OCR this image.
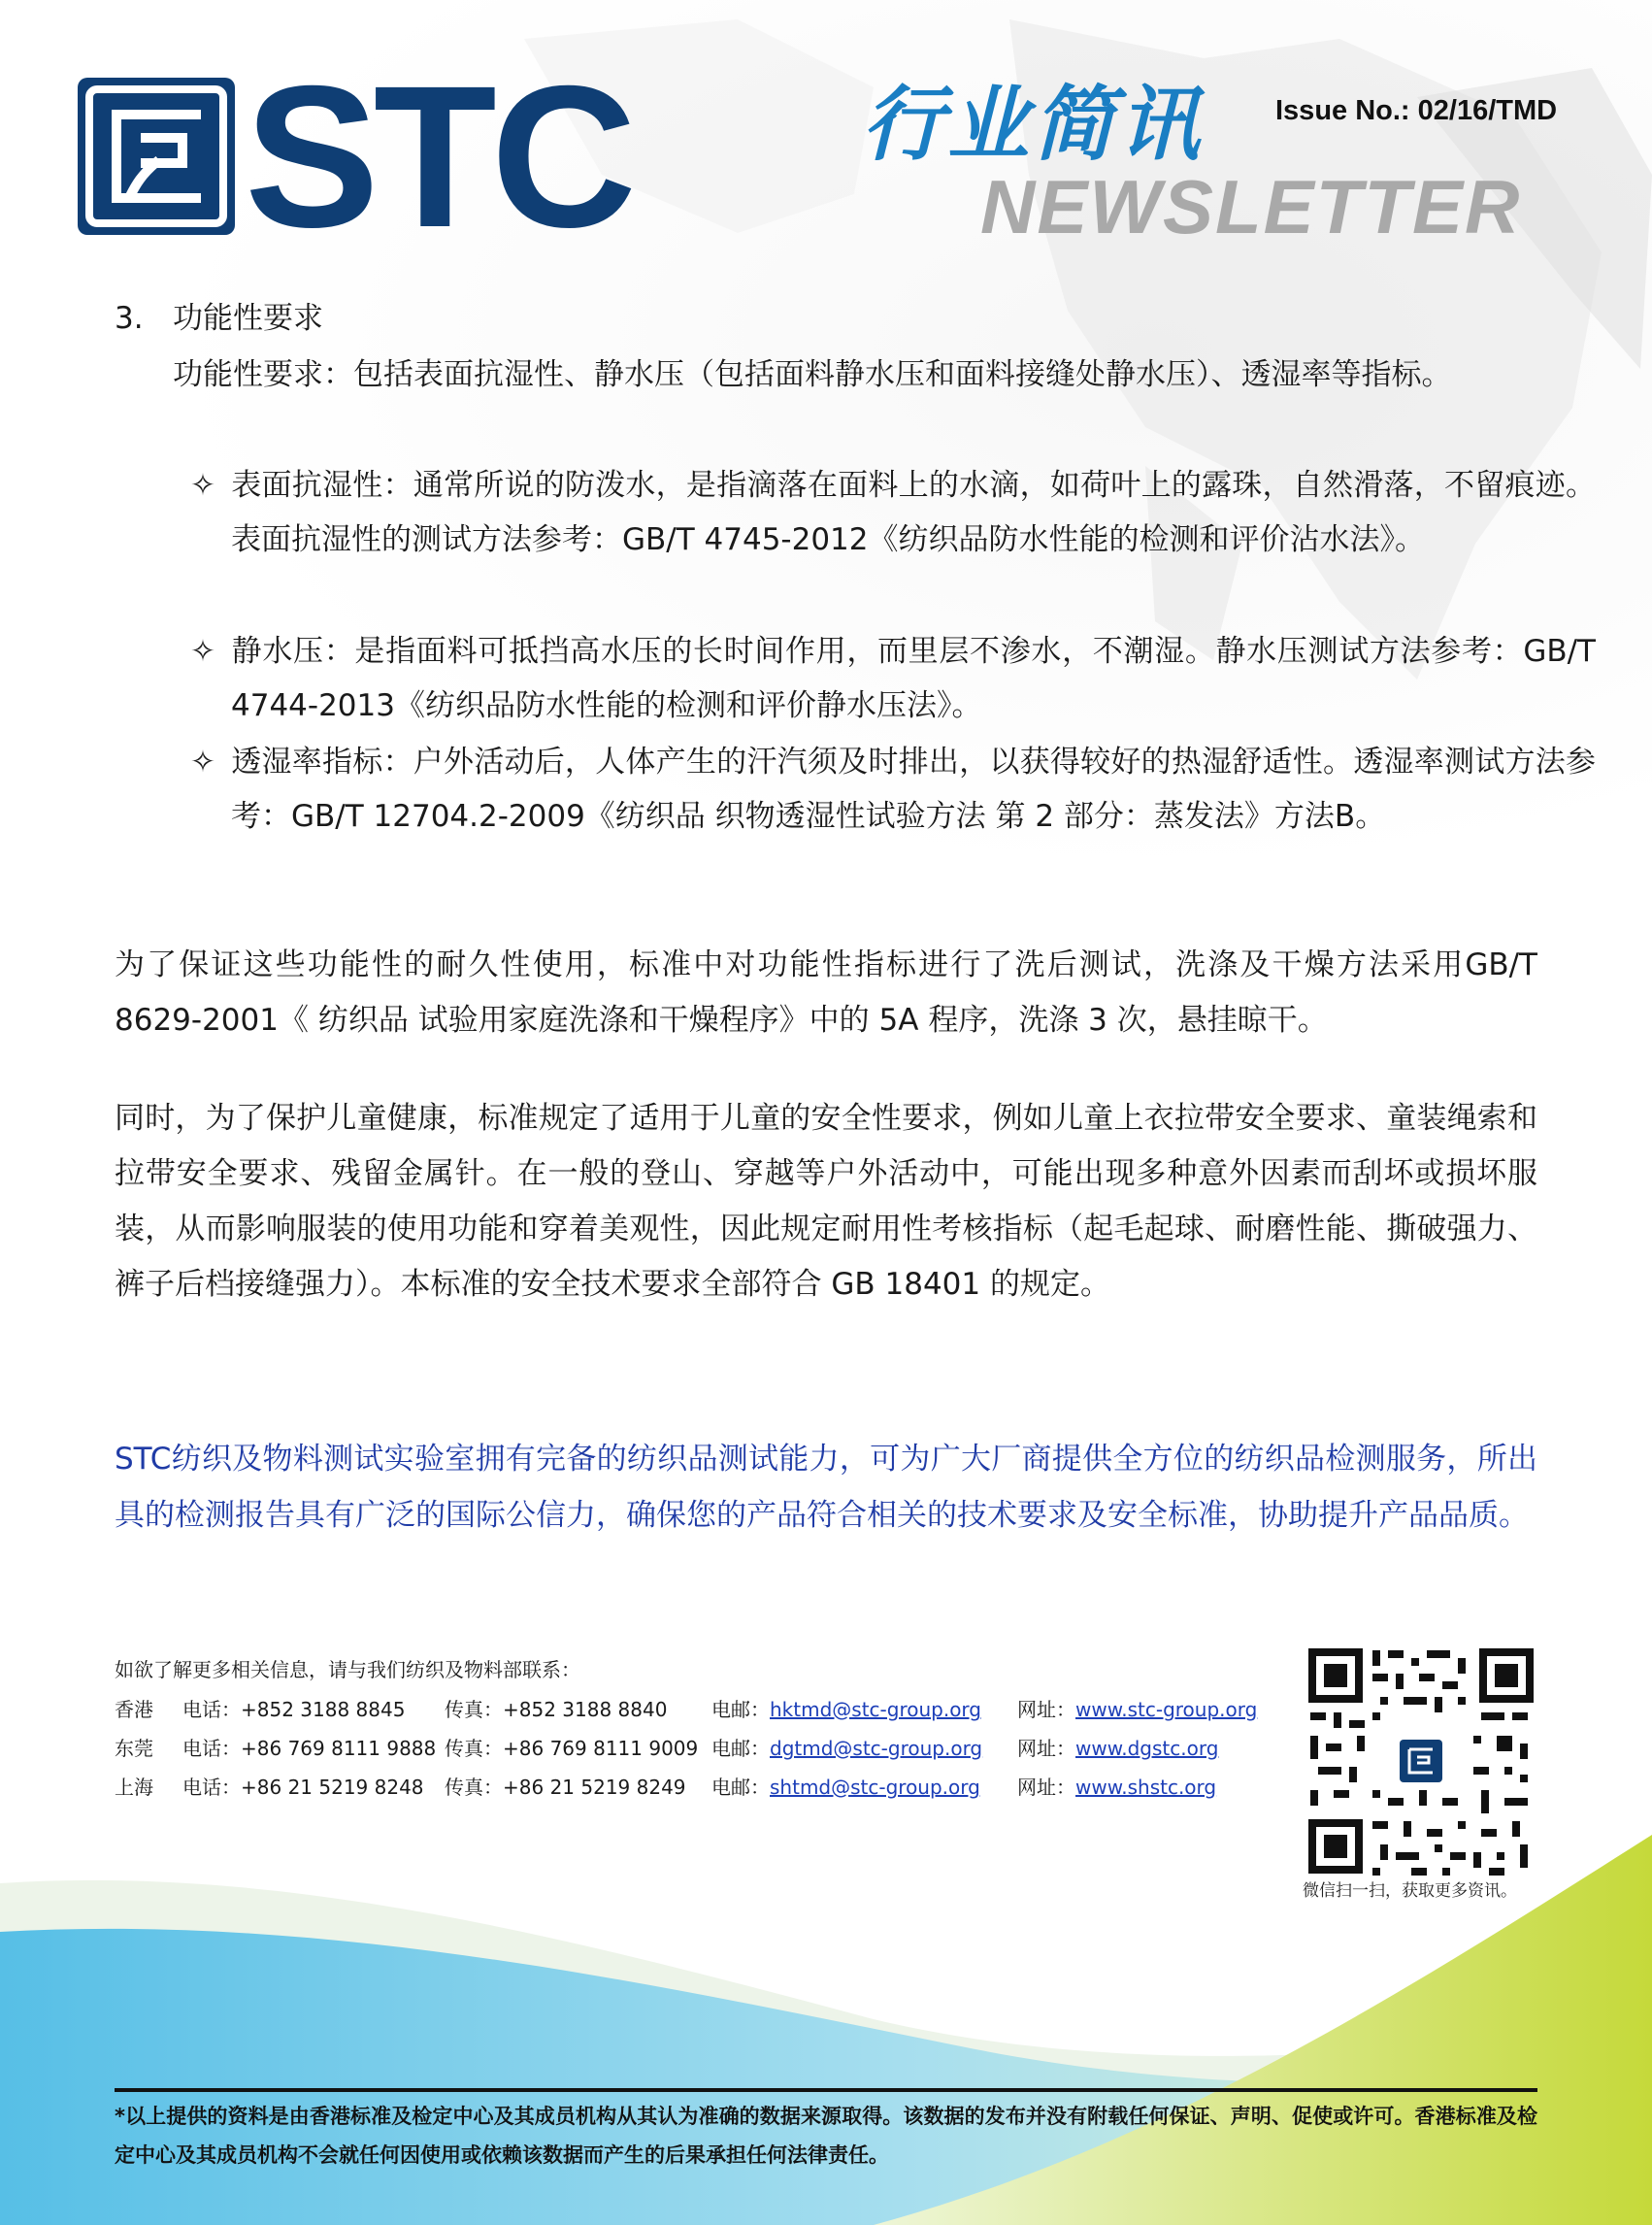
STC	行业简讯
NEWSLETTER
Issue No.: 02/16/TMD
3. 功能性要求
功能性要求：包括表面抗湿性、静水压（包括面料静水压和面料接缝处静水压）、透湿率等指标。
✧ 表面抗湿性：通常所说的防泼水，是指滴落在面料上的水滴，如荷叶上的露珠，自然滑落，不留痕迹。表面抗湿性的测试方法参考：GB/T 4745-2012《纺织品防水性能的检测和评价沾水法》。
✧ 静水压：是指面料可抵挡高水压的长时间作用，而里层不渗水，不潮湿。静水压测试方法参考：GB/T 4744-2013《纺织品防水性能的检测和评价静水压法》。
✧ 透湿率指标：户外活动后，人体产生的汗汽须及时排出，以获得较好的热湿舒适性。透湿率测试方法参考：GB/T 12704.2-2009《纺织品 织物透湿性试验方法 第 2 部分：蒸发法》方法B。
为了保证这些功能性的耐久性使用，标准中对功能性指标进行了洗后测试，洗涤及干燥方法采用GB/T 8629-2001《 纺织品 试验用家庭洗涤和干燥程序》中的 5A 程序，洗涤 3 次，悬挂晾干。
同时，为了保护儿童健康，标准规定了适用于儿童的安全性要求，例如儿童上衣拉带安全要求、童装绳索和拉带安全要求、残留金属针。在一般的登山、穿越等户外活动中，可能出现多种意外因素而刮坏或损坏服装，从而影响服装的使用功能和穿着美观性，因此规定耐用性考核指标（起毛起球、耐磨性能、撕破强力、裤子后档接缝强力）。本标准的安全技术要求全部符合 GB 18401 的规定。
STC纺织及物料测试实验室拥有完备的纺织品测试能力，可为广大厂商提供全方位的纺织品检测服务，所出具的检测报告具有广泛的国际公信力，确保您的产品符合相关的技术要求及安全标准，协助提升产品品质。
如欲了解更多相关信息，请与我们纺织及物料部联系：
香港 电话：+852 3188 8845 传真：+852 3188 8840 电邮：hktmd@stc-group.org 网址：www.stc-group.org
东莞 电话：+86 769 8111 9888 传真：+86 769 8111 9009 电邮：dgtmd@stc-group.org 网址：www.dgstc.org
上海 电话：+86 21 5219 8248 传真：+86 21 5219 8249 电邮：shtmd@stc-group.org 网址：www.shstc.org
微信扫一扫，获取更多资讯。
*以上提供的资料是由香港标准及检定中心及其成员机构从其认为准确的数据来源取得。该数据的发布并没有附载任何保证、声明、促使或许可。香港标准及检定中心及其成员机构不会就任何因使用或依赖该数据而产生的后果承担任何法律责任。
